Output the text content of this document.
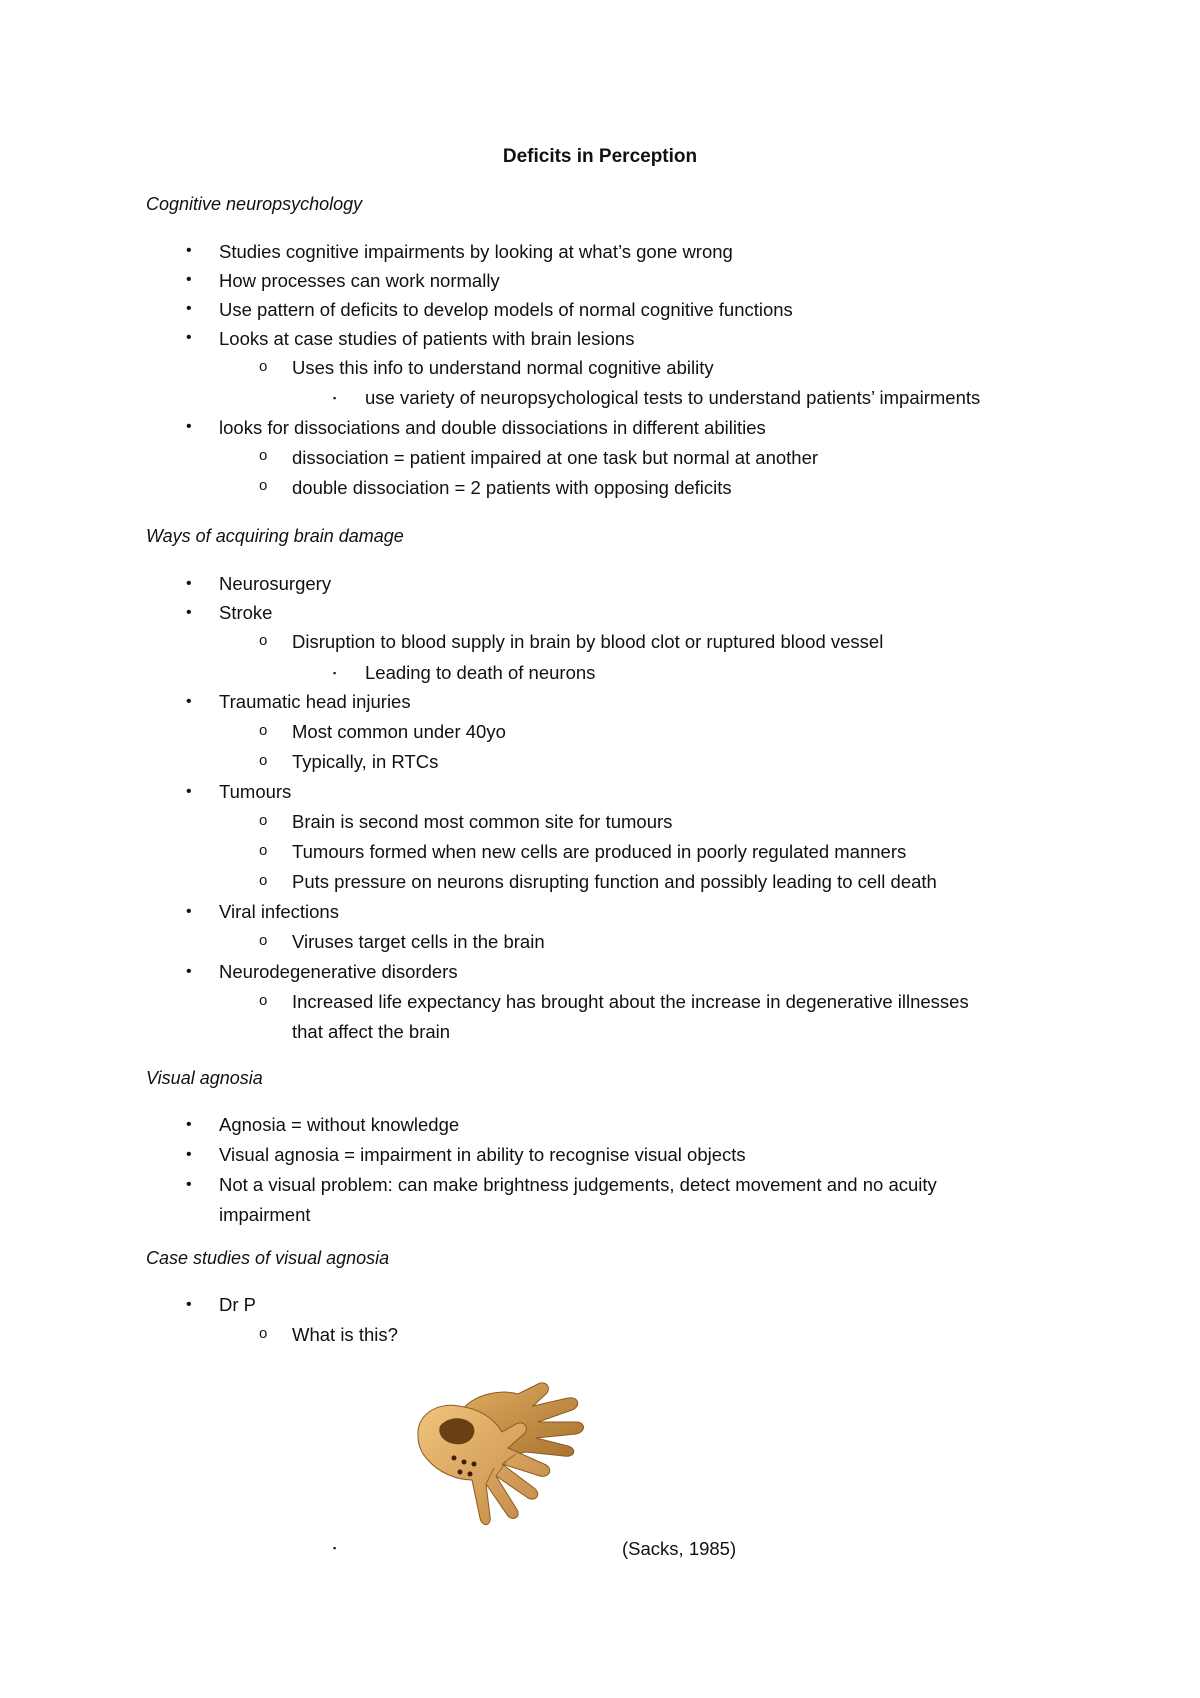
Deficits in Perception
Cognitive neuropsychology
• Studies cognitive impairments by looking at what’s gone wrong
• How processes can work normally
• Use pattern of deficits to develop models of normal cognitive functions
• Looks at case studies of patients with brain lesions
o Uses this info to understand normal cognitive ability
▪ use variety of neuropsychological tests to understand patients’ impairments
• looks for dissociations and double dissociations in different abilities
o dissociation = patient impaired at one task but normal at another
o double dissociation = 2 patients with opposing deficits
Ways of acquiring brain damage
• Neurosurgery
• Stroke
o Disruption to blood supply in brain by blood clot or ruptured blood vessel
▪ Leading to death of neurons
• Traumatic head injuries
o Most common under 40yo
o Typically, in RTCs
• Tumours
o Brain is second most common site for tumours
o Tumours formed when new cells are produced in poorly regulated manners
o Puts pressure on neurons disrupting function and possibly leading to cell death
• Viral infections
o Viruses target cells in the brain
• Neurodegenerative disorders
o Increased life expectancy has brought about the increase in degenerative illnesses
that affect the brain
Visual agnosia
• Agnosia = without knowledge
• Visual agnosia = impairment in ability to recognise visual objects
• Not a visual problem: can make brightness judgements, detect movement and no acuity
impairment
Case studies of visual agnosia
• Dr P
o What is this?
▪	(Sacks, 1985)
